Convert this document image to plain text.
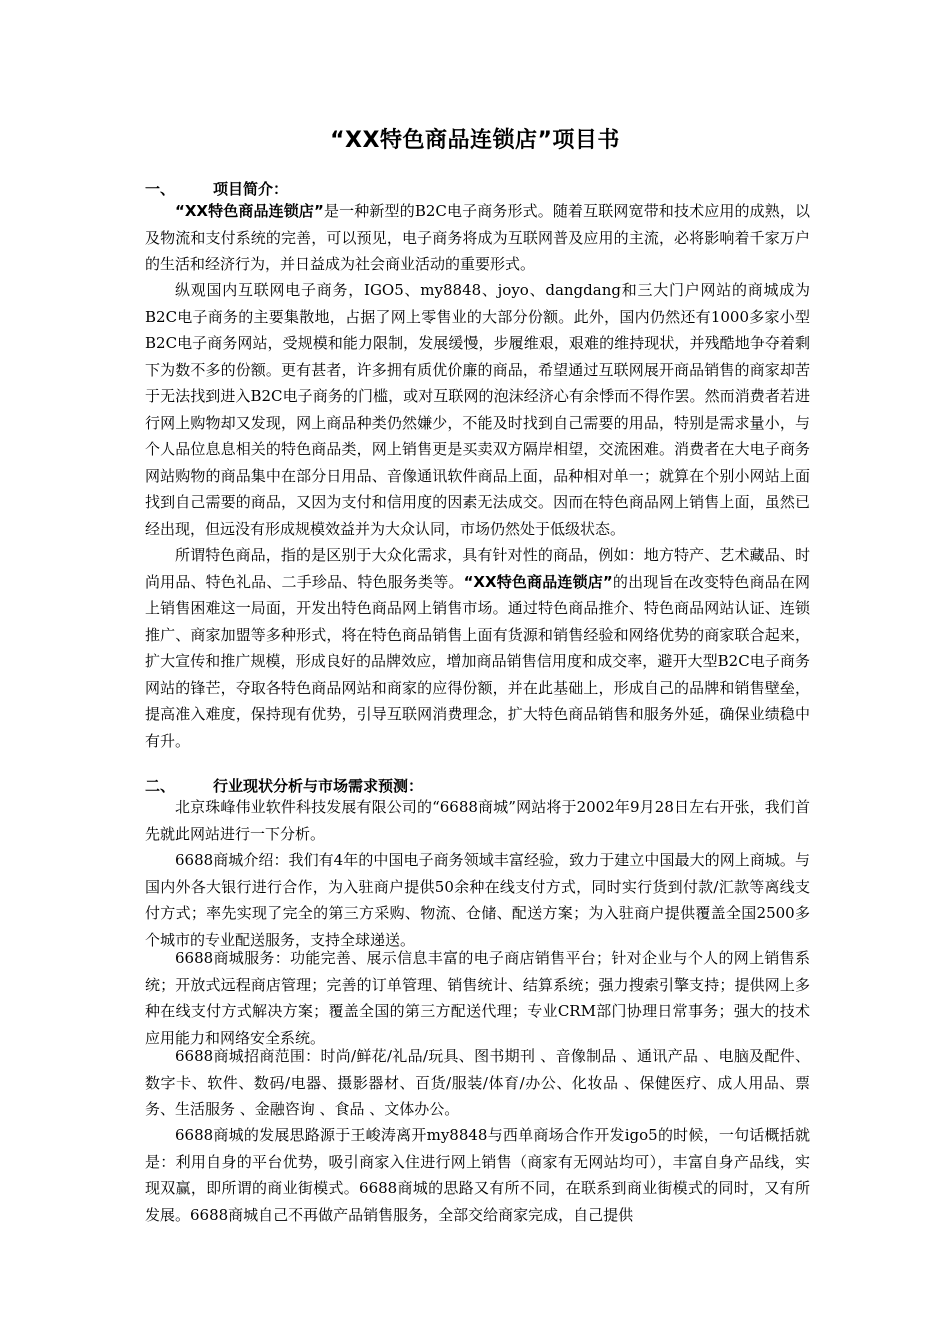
“XX特色商品连锁店”项目书
一、	项目简介：
“XX特色商品连锁店”是一种新型的B2C电子商务形式。随着互联网宽带和技术应用的成熟，以及物流和支付系统的完善，可以预见，电子商务将成为互联网普及应用的主流，必将影响着千家万户的生活和经济行为，并日益成为社会商业活动的重要形式。
纵观国内互联网电子商务，IGO5、my8848、joyo、dangdang和三大门户网站的商城成为B2C电子商务的主要集散地，占据了网上零售业的大部分份额。此外，国内仍然还有1000多家小型B2C电子商务网站，受规模和能力限制，发展缓慢，步履维艰，艰难的维持现状，并残酷地争夺着剩下为数不多的份额。更有甚者，许多拥有质优价廉的商品，希望通过互联网展开商品销售的商家却苦于无法找到进入B2C电子商务的门槛，或对互联网的泡沫经济心有余悸而不得作罢。然而消费者若进行网上购物却又发现，网上商品种类仍然嫌少，不能及时找到自己需要的用品，特别是需求量小，与个人品位息息相关的特色商品类，网上销售更是买卖双方隔岸相望，交流困难。消费者在大电子商务网站购物的商品集中在部分日用品、音像通讯软件商品上面，品种相对单一；就算在个别小网站上面找到自己需要的商品，又因为支付和信用度的因素无法成交。因而在特色商品网上销售上面，虽然已经出现，但远没有形成规模效益并为大众认同，市场仍然处于低级状态。
所谓特色商品，指的是区别于大众化需求，具有针对性的商品，例如：地方特产、艺术藏品、时尚用品、特色礼品、二手珍品、特色服务类等。“XX特色商品连锁店”的出现旨在改变特色商品在网上销售困难这一局面，开发出特色商品网上销售市场。通过特色商品推介、特色商品网站认证、连锁推广、商家加盟等多种形式，将在特色商品销售上面有货源和销售经验和网络优势的商家联合起来，扩大宣传和推广规模，形成良好的品牌效应，增加商品销售信用度和成交率，避开大型B2C电子商务网站的锋芒，夺取各特色商品网站和商家的应得份额，并在此基础上，形成自己的品牌和销售壁垒，提高准入难度，保持现有优势，引导互联网消费理念，扩大特色商品销售和服务外延，确保业绩稳中有升。
二、	行业现状分析与市场需求预测：
北京珠峰伟业软件科技发展有限公司的“6688商城”网站将于2002年9月28日左右开张，我们首先就此网站进行一下分析。
6688商城介绍：我们有4年的中国电子商务领域丰富经验，致力于建立中国最大的网上商城。与国内外各大银行进行合作，为入驻商户提供50余种在线支付方式，同时实行货到付款/汇款等离线支付方式；率先实现了完全的第三方采购、物流、仓储、配送方案；为入驻商户提供覆盖全国2500多个城市的专业配送服务，支持全球递送。
6688商城服务：功能完善、展示信息丰富的电子商店销售平台；针对企业与个人的网上销售系统；开放式远程商店管理；完善的订单管理、销售统计、结算系统；强力搜索引擎支持；提供网上多种在线支付方式解决方案；覆盖全国的第三方配送代理；专业CRM部门协理日常事务；强大的技术应用能力和网络安全系统。
6688商城招商范围：时尚/鲜花/礼品/玩具、图书期刊 、音像制品 、通讯产品 、电脑及配件、数字卡、软件、数码/电器、摄影器材、百货/服装/体育/办公、化妆品 、保健医疗、成人用品、票务、生活服务 、金融咨询 、食品 、文体办公。
6688商城的发展思路源于王峻涛离开my8848与西单商场合作开发igo5的时候，一句话概括就是：利用自身的平台优势，吸引商家入住进行网上销售（商家有无网站均可），丰富自身产品线，实现双赢，即所谓的商业街模式。6688商城的思路又有所不同，在联系到商业街模式的同时，又有所发展。6688商城自己不再做产品销售服务，全部交给商家完成，自己提供
